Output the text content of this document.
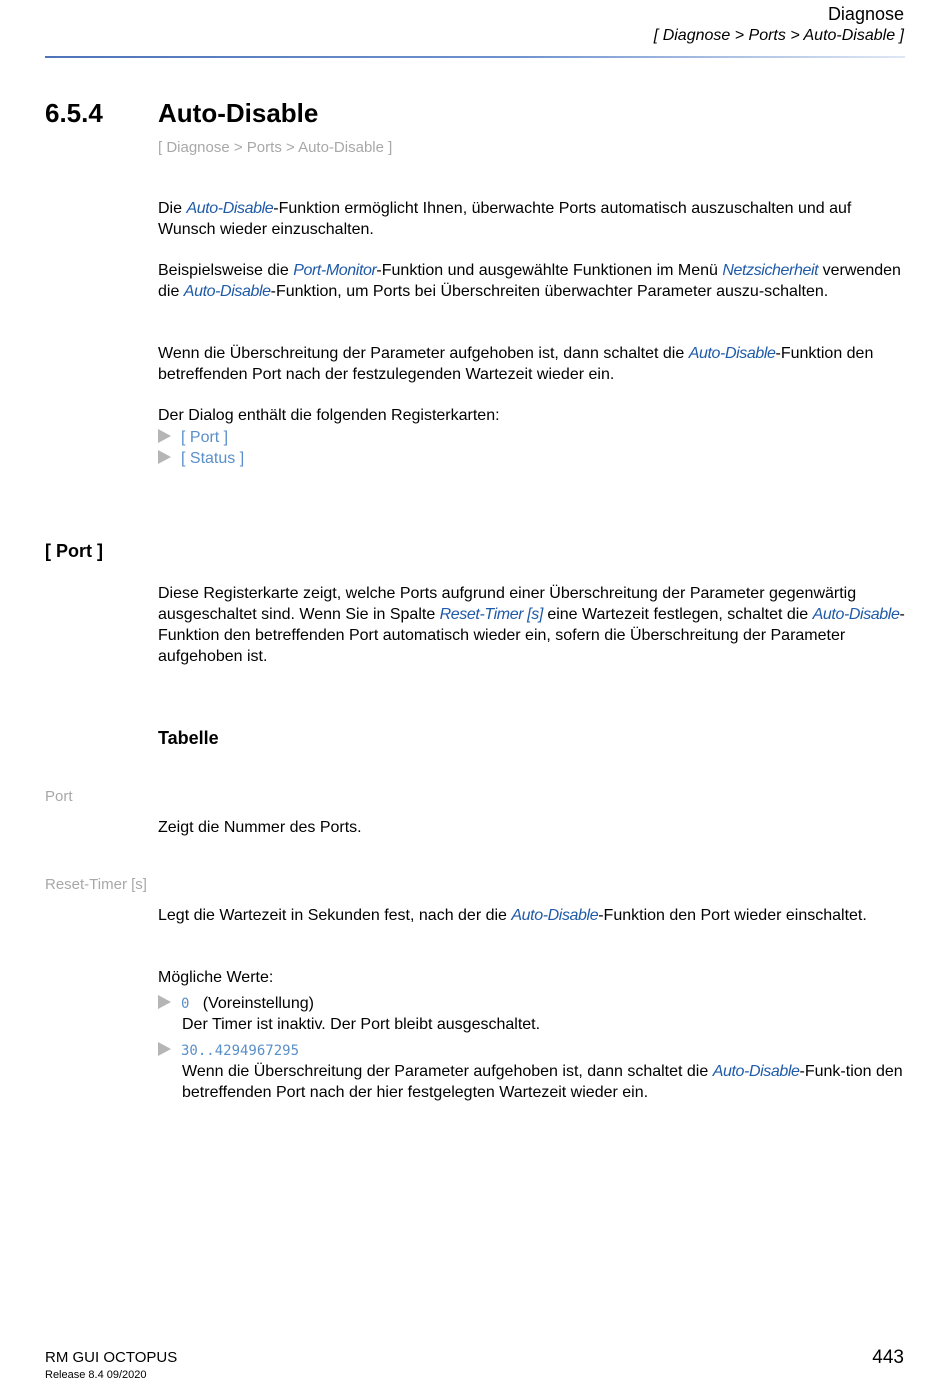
Diagnose
[ Diagnose > Ports > Auto-Disable ]
6.5.4 Auto-Disable
[ Diagnose > Ports > Auto-Disable ]
Die Auto-Disable-Funktion ermöglicht Ihnen, überwachte Ports automatisch auszuschalten und auf Wunsch wieder einzuschalten.
Beispielsweise die Port-Monitor-Funktion und ausgewählte Funktionen im Menü Netzsicherheit verwenden die Auto-Disable-Funktion, um Ports bei Überschreiten überwachter Parameter auszu-schalten.
Wenn die Überschreitung der Parameter aufgehoben ist, dann schaltet die Auto-Disable-Funktion den betreffenden Port nach der festzulegenden Wartezeit wieder ein.
Der Dialog enthält die folgenden Registerkarten:
[ Port ]
[ Status ]
[ Port ]
Diese Registerkarte zeigt, welche Ports aufgrund einer Überschreitung der Parameter gegenwärtig ausgeschaltet sind. Wenn Sie in Spalte Reset-Timer [s] eine Wartezeit festlegen, schaltet die Auto-Disable-Funktion den betreffenden Port automatisch wieder ein, sofern die Überschreitung der Parameter aufgehoben ist.
Tabelle
Port
Zeigt die Nummer des Ports.
Reset-Timer [s]
Legt die Wartezeit in Sekunden fest, nach der die Auto-Disable-Funktion den Port wieder einschaltet.
Mögliche Werte:
0 (Voreinstellung)
Der Timer ist inaktiv. Der Port bleibt ausgeschaltet.
30..4294967295
Wenn die Überschreitung der Parameter aufgehoben ist, dann schaltet die Auto-Disable-Funk-tion den betreffenden Port nach der hier festgelegten Wartezeit wieder ein.
RM GUI OCTOPUS
Release 8.4 09/2020
443
